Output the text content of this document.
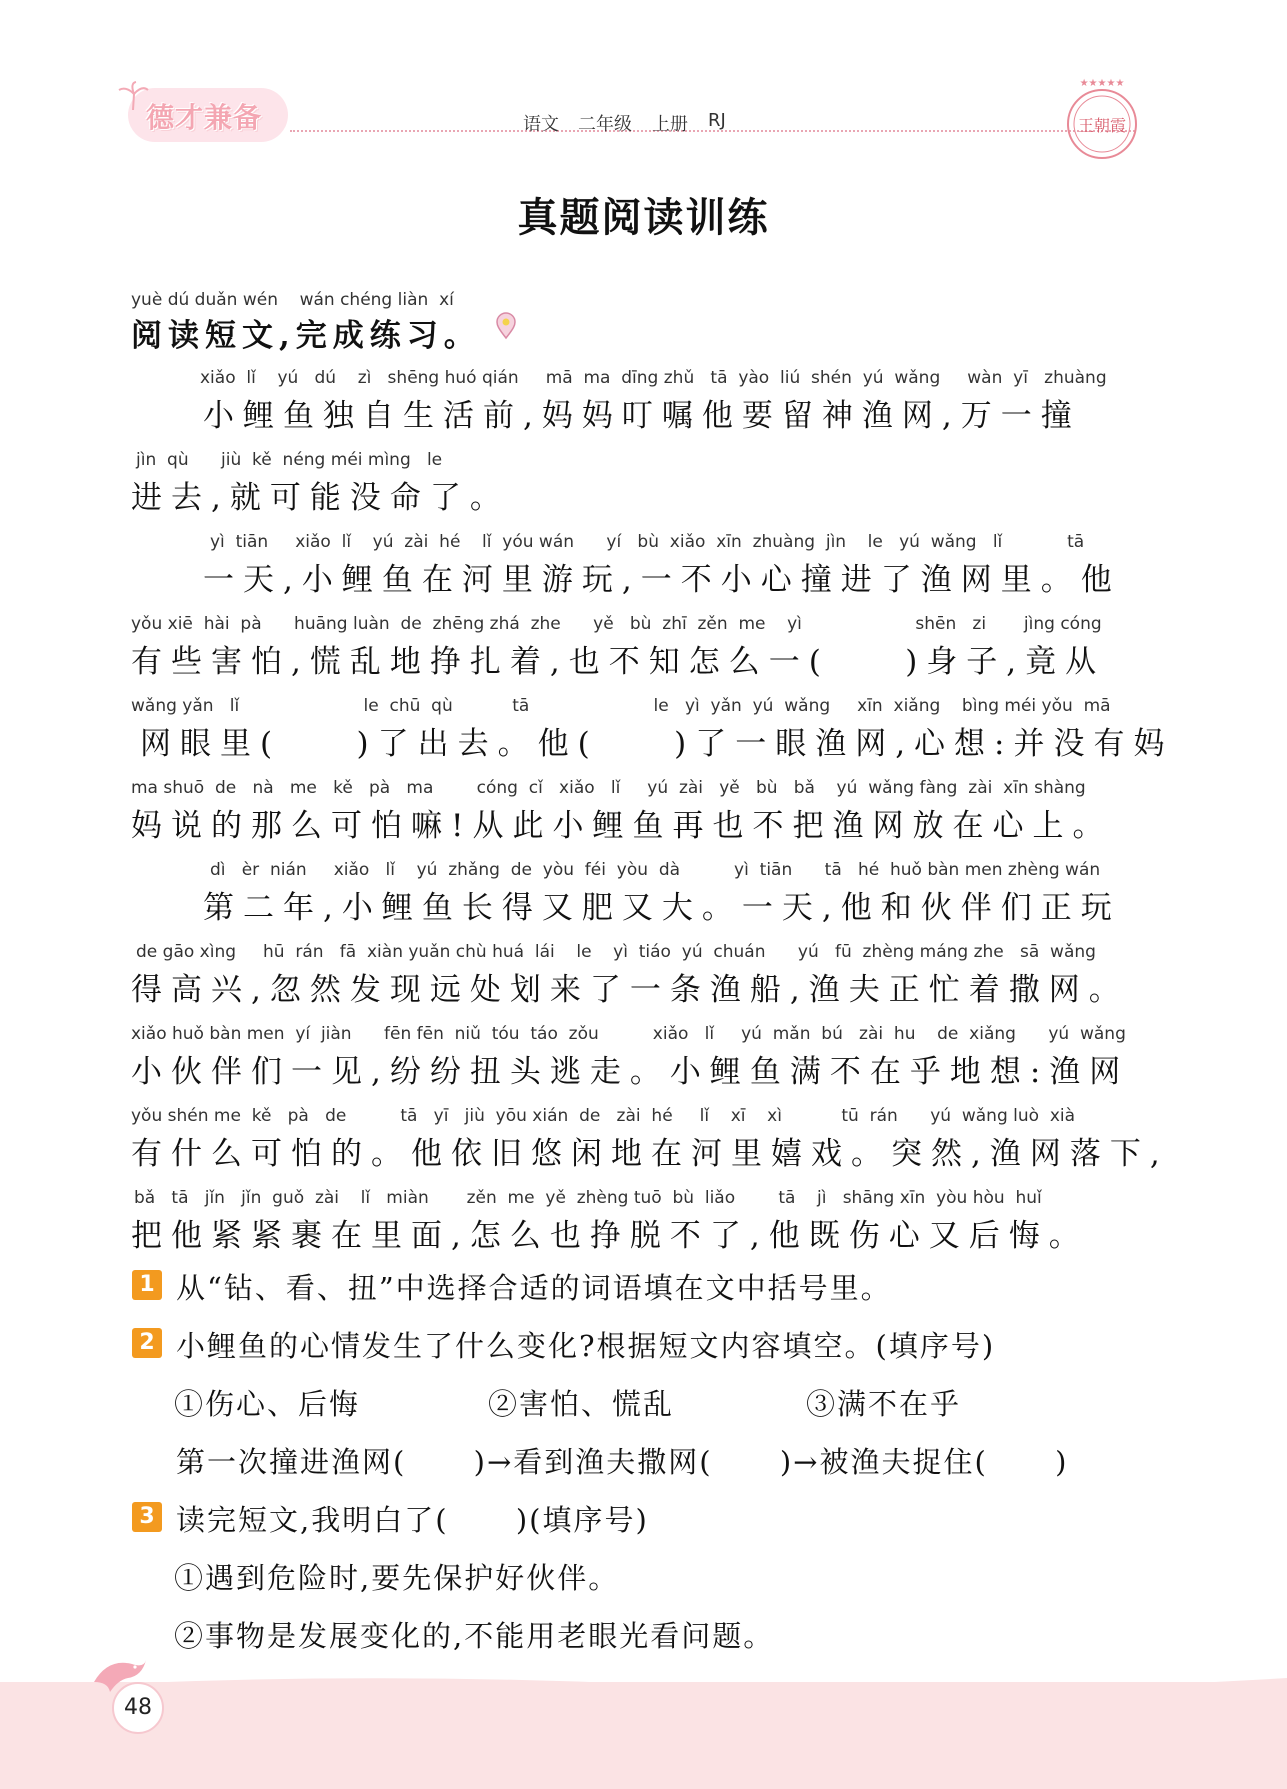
德才兼备	语文 二年级 上册 RJ
★★★★★
王朝霞
真题阅读训练
yuè dú duǎn wén    wán chéng liàn  xí
阅读短文,完成练习。
xiǎo  lǐ    yú   dú    zì   shēng huó qián     mā  ma  dīng zhǔ   tā  yào  liú  shén  yú  wǎng     wàn  yī   zhuàng
小鲤鱼独自生活前,妈妈叮嘱他要留神渔网,万一撞
jìn  qù      jiù  kě  néng méi mìng   le
进去,就可能没命了。
yì  tiān     xiǎo  lǐ    yú  zài  hé    lǐ  yóu wán      yí   bù  xiǎo  xīn  zhuàng  jìn    le   yú  wǎng   lǐ            tā
一天,小鲤鱼在河里游玩,一不小心撞进了渔网里。他
yǒu xiē  hài  pà      huāng luàn  de  zhēng zhá  zhe      yě   bù  zhī  zěn  me    yì                     shēn   zi       jìng cóng
有些害怕,慌乱地挣扎着,也不知怎么一(    )身子,竟从
wǎng yǎn   lǐ                       le  chū  qù           tā                       le   yì  yǎn  yú  wǎng     xīn  xiǎng    bìng méi yǒu  mā
网眼里(    )了出去。他(    )了一眼渔网,心想:并没有妈
ma shuō  de   nà   me   kě   pà   ma        cóng  cǐ   xiǎo   lǐ     yú  zài   yě   bù   bǎ    yú  wǎng fàng  zài  xīn shàng
妈说的那么可怕嘛!从此小鲤鱼再也不把渔网放在心上。
dì   èr  nián     xiǎo   lǐ    yú  zhǎng  de  yòu  féi  yòu  dà          yì  tiān      tā   hé  huǒ bàn men zhèng wán
第二年,小鲤鱼长得又肥又大。一天,他和伙伴们正玩
de gāo xìng     hū  rán   fā  xiàn yuǎn chù huá  lái    le    yì  tiáo  yú  chuán      yú   fū  zhèng máng zhe   sā  wǎng
得高兴,忽然发现远处划来了一条渔船,渔夫正忙着撒网。
xiǎo huǒ bàn men  yí  jiàn      fēn fēn  niǔ  tóu  táo  zǒu          xiǎo   lǐ     yú  mǎn  bú   zài  hu    de  xiǎng      yú  wǎng
小伙伴们一见,纷纷扭头逃走。小鲤鱼满不在乎地想:渔网
yǒu shén me  kě   pà   de          tā   yī   jiù  yōu xián  de   zài  hé     lǐ    xī    xì           tū  rán      yú  wǎng luò  xià
有什么可怕的。他依旧悠闲地在河里嬉戏。突然,渔网落下,
bǎ   tā   jǐn   jǐn  guǒ  zài    lǐ   miàn       zěn  me  yě  zhèng tuō  bù  liǎo        tā    jì   shāng xīn  yòu hòu  huǐ
把他紧紧裹在里面,怎么也挣脱不了,他既伤心又后悔。
1 从“钻、看、扭”中选择合适的词语填在文中括号里。
2 小鲤鱼的心情发生了什么变化?根据短文内容填空。(填序号)
①伤心、后悔	②害怕、慌乱	③满不在乎
第一次撞进渔网(      )→看到渔夫撒网(      )→被渔夫捉住(      )
3 读完短文,我明白了(      )(填序号)
①遇到危险时,要先保护好伙伴。
②事物是发展变化的,不能用老眼光看问题。
48
